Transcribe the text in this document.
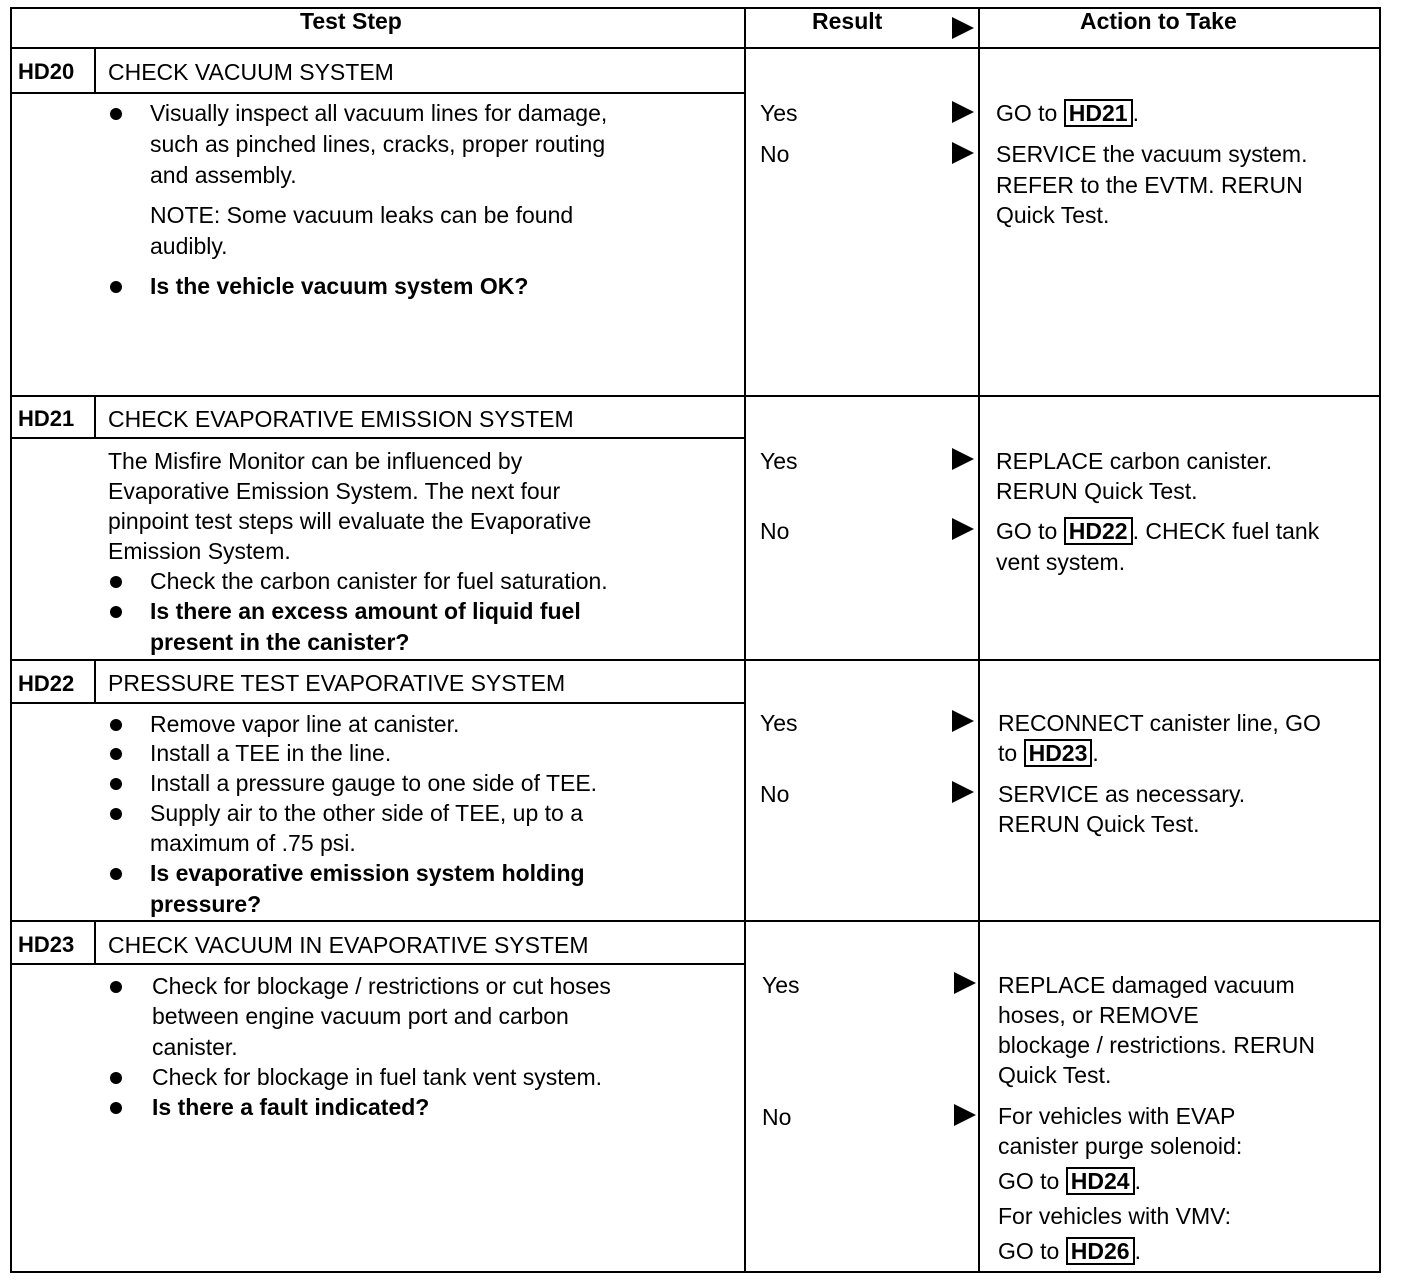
Test Step	Result	Action to Take
HD20 CHECK VACUUM SYSTEM
Visually inspect all vacuum lines for damage,
such as pinched lines, cracks, proper routing
and assembly.
NOTE: Some vacuum leaks can be found
audibly.
Is the vehicle vacuum system OK?
Yes	GO to HD21 .
No	SERVICE the vacuum system.
REFER to the EVTM. RERUN
Quick Test.
HD21 CHECK EVAPORATIVE EMISSION SYSTEM
The Misfire Monitor can be influenced by
Evaporative Emission System. The next four
pinpoint test steps will evaluate the Evaporative
Emission System.
Check the carbon canister for fuel saturation.
Is there an excess amount of liquid fuel
present in the canister?
Yes	REPLACE carbon canister.
RERUN Quick Test.
No	GO to HD22 . CHECK fuel tank
vent system.
HD22 PRESSURE TEST EVAPORATIVE SYSTEM
Remove vapor line at canister.
Install a TEE in the line.
Install a pressure gauge to one side of TEE.
Supply air to the other side of TEE, up to a
maximum of .75 psi.
Is evaporative emission system holding
pressure?
Yes	RECONNECT canister line, GO
to HD23 .
No	SERVICE as necessary.
RERUN Quick Test.
HD23 CHECK VACUUM IN EVAPORATIVE SYSTEM
Check for blockage / restrictions or cut hoses
between engine vacuum port and carbon
canister.
Check for blockage in fuel tank vent system.
Is there a fault indicated?
Yes	REPLACE damaged vacuum
hoses, or REMOVE
blockage / restrictions. RERUN
Quick Test.
No	For vehicles with EVAP
canister purge solenoid:
GO to HD24 .
For vehicles with VMV:
GO to HD26 .
